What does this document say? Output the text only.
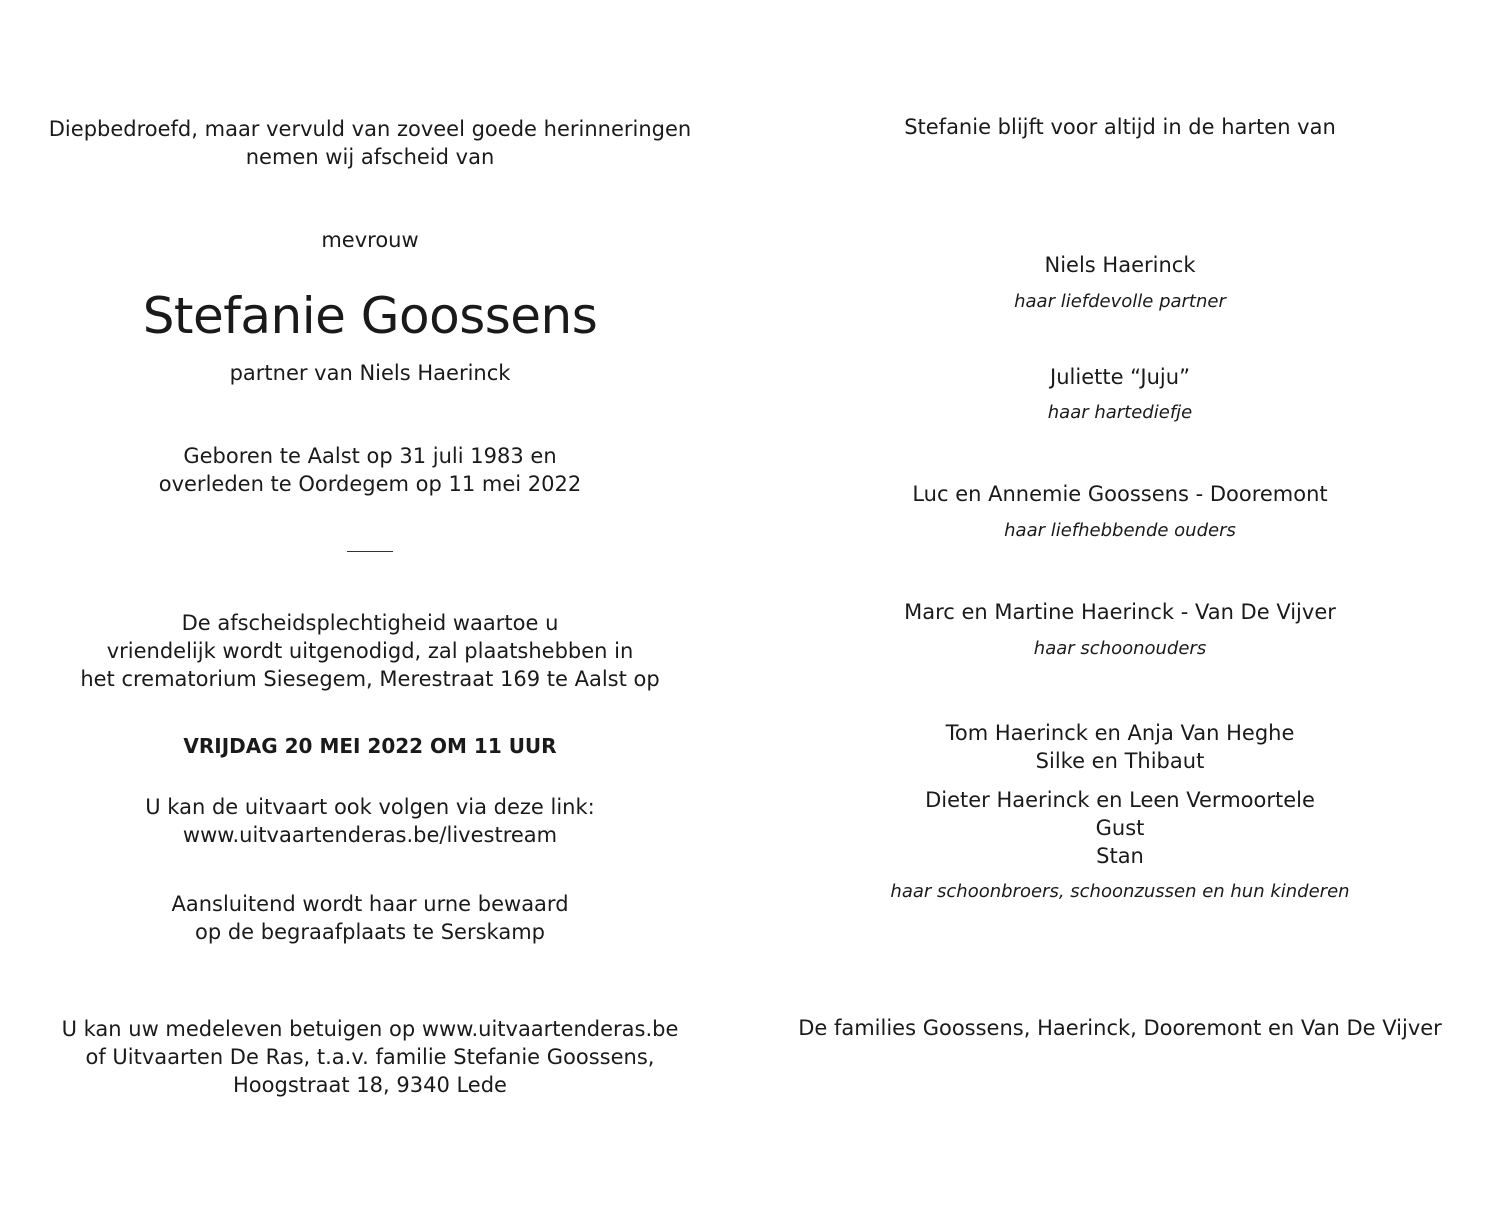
Diepbedroefd, maar vervuld van zoveel goede herinneringen

nemen wij afscheid van

mevrouw

Stefanie Goossens

partner van Niels Haerinck

Geboren te Aalst op 31 juli 1983 en

overleden te Oordegem op 11 mei 2022

De afscheidsplechtigheid waartoe u

vriendelijk wordt uitgenodigd, zal plaatshebben in

het crematorium Siesegem, Merestraat 169 te Aalst op

VRIJDAG 20 MEI 2022 OM 11 UUR

U kan de uitvaart ook volgen via deze link:

www.uitvaartenderas.be/livestream

Aansluitend wordt haar urne bewaard

op de begraafplaats te Serskamp

U kan uw medeleven betuigen op www.uitvaartenderas.be

of Uitvaarten De Ras, t.a.v. familie Stefanie Goossens,

Hoogstraat 18, 9340 Lede

Stefanie blijft voor altijd in de harten van

Niels Haerinck

haar liefdevolle partner

Juliette “Juju”

haar hartediefje

Luc en Annemie Goossens - Dooremont

haar liefhebbende ouders

Marc en Martine Haerinck - Van De Vijver

haar schoonouders

Tom Haerinck en Anja Van Heghe

Silke en Thibaut

Dieter Haerinck en Leen Vermoortele

Gust

Stan

haar schoonbroers, schoonzussen en hun kinderen

De families Goossens, Haerinck, Dooremont en Van De Vijver
